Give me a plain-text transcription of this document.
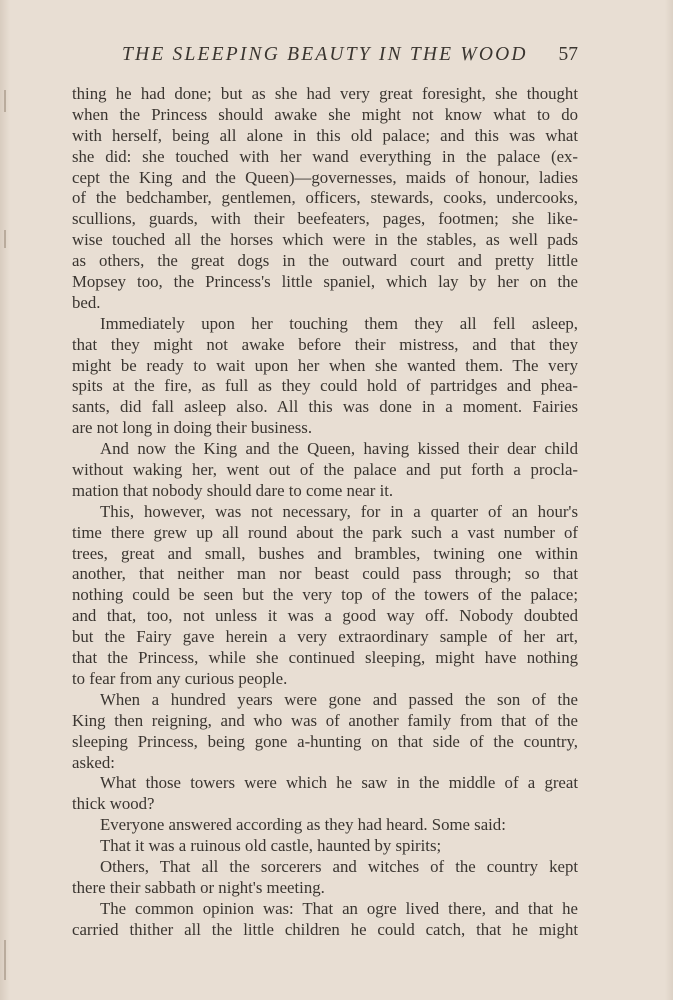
THE SLEEPING BEAUTY IN THE WOOD 57
thing he had done; but as she had very great foresight, she thought
when the Princess should awake she might not know what to do
with herself, being all alone in this old palace; and this was what
she did: she touched with her wand everything in the palace (ex-
cept the King and the Queen)—governesses, maids of honour, ladies
of the bedchamber, gentlemen, officers, stewards, cooks, undercooks,
scullions, guards, with their beefeaters, pages, footmen; she like-
wise touched all the horses which were in the stables, as well pads
as others, the great dogs in the outward court and pretty little
Mopsey too, the Princess's little spaniel, which lay by her on the
bed.
Immediately upon her touching them they all fell asleep,
that they might not awake before their mistress, and that they
might be ready to wait upon her when she wanted them. The very
spits at the fire, as full as they could hold of partridges and phea-
sants, did fall asleep also. All this was done in a moment. Fairies
are not long in doing their business.
And now the King and the Queen, having kissed their dear child
without waking her, went out of the palace and put forth a procla-
mation that nobody should dare to come near it.
This, however, was not necessary, for in a quarter of an hour's
time there grew up all round about the park such a vast number of
trees, great and small, bushes and brambles, twining one within
another, that neither man nor beast could pass through; so that
nothing could be seen but the very top of the towers of the palace;
and that, too, not unless it was a good way off. Nobody doubted
but the Fairy gave herein a very extraordinary sample of her art,
that the Princess, while she continued sleeping, might have nothing
to fear from any curious people.
When a hundred years were gone and passed the son of the
King then reigning, and who was of another family from that of the
sleeping Princess, being gone a-hunting on that side of the country,
asked:
What those towers were which he saw in the middle of a great
thick wood?
Everyone answered according as they had heard. Some said:
That it was a ruinous old castle, haunted by spirits;
Others, That all the sorcerers and witches of the country kept
there their sabbath or night's meeting.
The common opinion was: That an ogre lived there, and that he
carried thither all the little children he could catch, that he might
